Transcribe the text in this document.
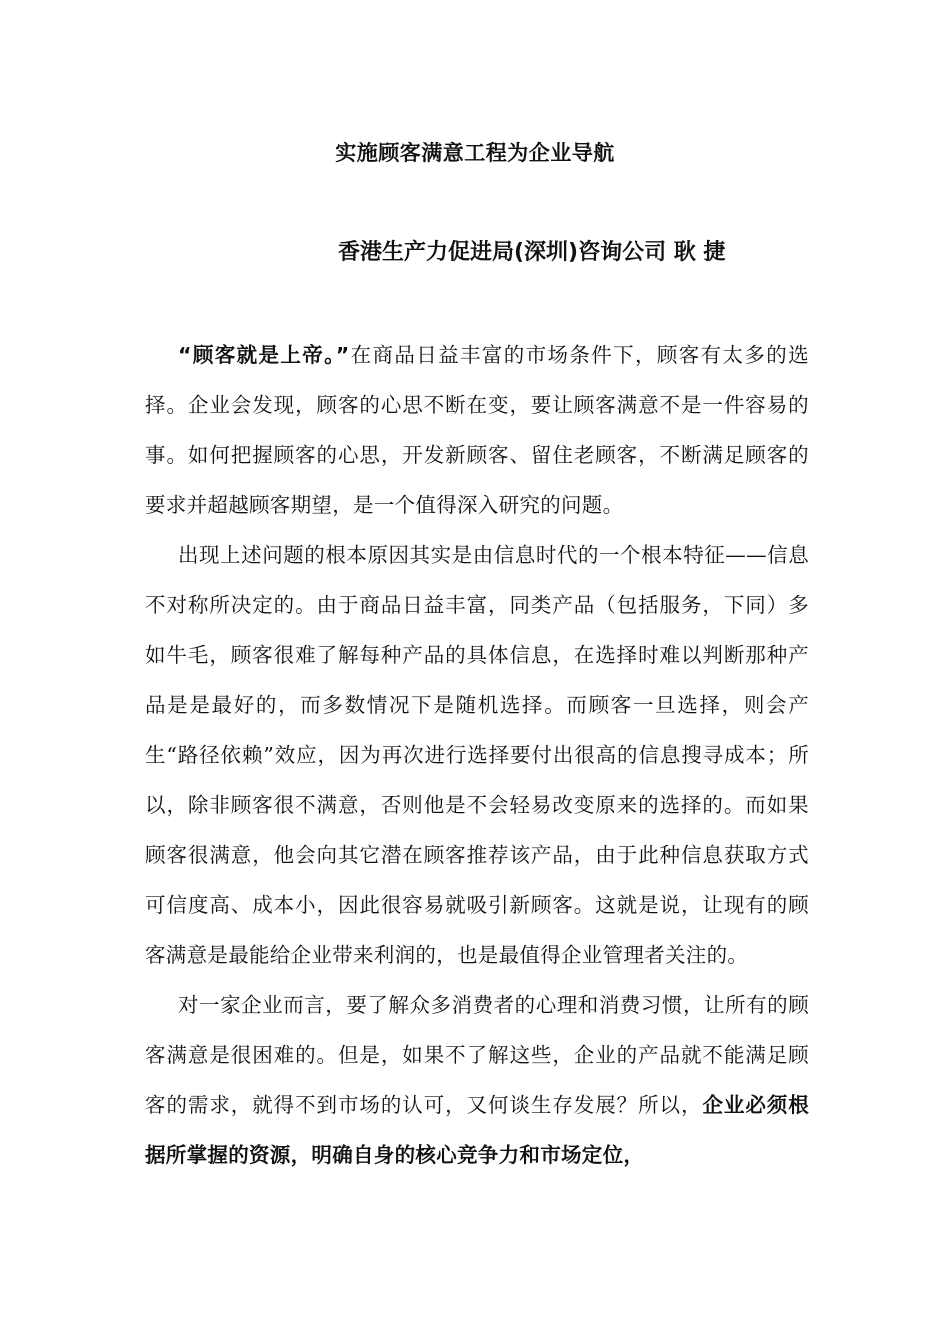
实施顾客满意工程为企业导航
香港生产力促进局(深圳)咨询公司 耿 捷

“顾客就是上帝。”在商品日益丰富的市场条件下，顾客有太多的选择。企业会发现，顾客的心思不断在变，要让顾客满意不是一件容易的事。如何把握顾客的心思，开发新顾客、留住老顾客，不断满足顾客的要求并超越顾客期望，是一个值得深入研究的问题。

出现上述问题的根本原因其实是由信息时代的一个根本特征——信息不对称所决定的。由于商品日益丰富，同类产品（包括服务，下同）多如牛毛，顾客很难了解每种产品的具体信息，在选择时难以判断那种产品是是最好的，而多数情况下是随机选择。而顾客一旦选择，则会产生“路径依赖”效应，因为再次进行选择要付出很高的信息搜寻成本；所以，除非顾客很不满意，否则他是不会轻易改变原来的选择的。而如果顾客很满意，他会向其它潜在顾客推荐该产品，由于此种信息获取方式可信度高、成本小，因此很容易就吸引新顾客。这就是说，让现有的顾客满意是最能给企业带来利润的，也是最值得企业管理者关注的。

对一家企业而言，要了解众多消费者的心理和消费习惯，让所有的顾客满意是很困难的。但是，如果不了解这些，企业的产品就不能满足顾客的需求，就得不到市场的认可，又何谈生存发展？所以，企业必须根据所掌握的资源，明确自身的核心竞争力和市场定位，
